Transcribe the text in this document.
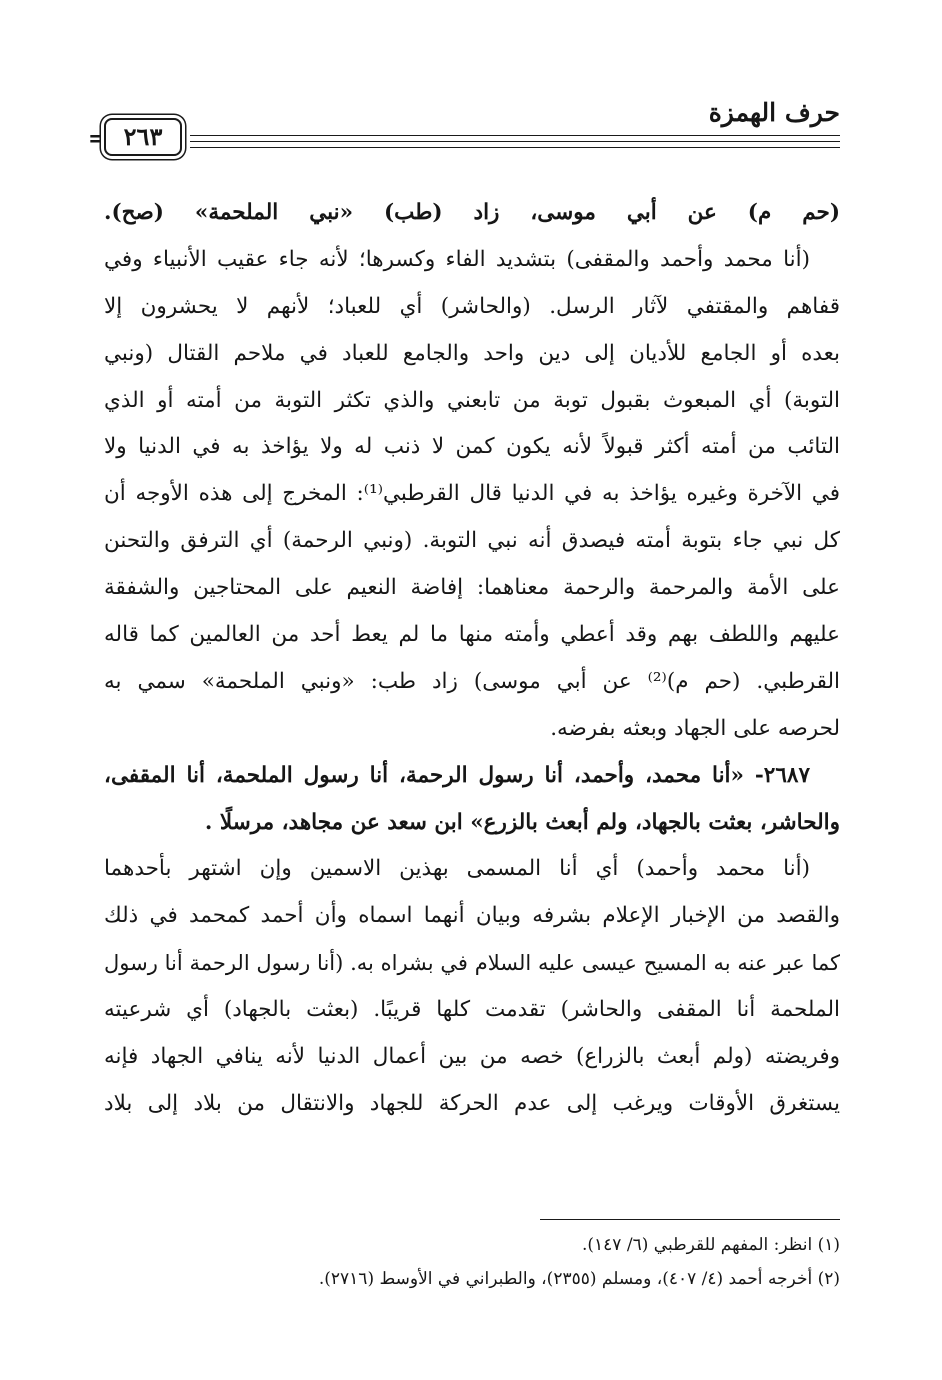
حرف الهمزة
= ٢٦٣
(حم م) عن أبي موسى، زاد (طب) «نبي الملحمة» (صح).
(أنا محمد وأحمد والمقفى) بتشديد الفاء وكسرها؛ لأنه جاء عقيب الأنبياء وفي
قفاهم والمقتفي لآثار الرسل. (والحاشر) أي للعباد؛ لأنهم لا يحشرون إلا
بعده أو الجامع للأديان إلى دين واحد والجامع للعباد في ملاحم القتال (ونبي
التوبة) أي المبعوث بقبول توبة من تابعني والذي تكثر التوبة من أمته أو الذي
التائب من أمته أكثر قبولاً لأنه يكون كمن لا ذنب له ولا يؤاخذ به في الدنيا ولا
في الآخرة وغيره يؤاخذ به في الدنيا قال القرطبي⁽¹⁾: المخرج إلى هذه الأوجه أن
كل نبي جاء بتوبة أمته فيصدق أنه نبي التوبة. (ونبي الرحمة) أي الترفق والتحنن
على الأمة والمرحمة والرحمة معناهما: إفاضة النعيم على المحتاجين والشفقة
عليهم واللطف بهم وقد أعطي وأمته منها ما لم يعط أحد من العالمين كما قاله
القرطبي. (حم م)⁽²⁾ عن أبي موسى) زاد طب: «ونبي الملحمة» سمي به
لحرصه على الجهاد وبعثه بفرضه.
٢٦٨٧- «أنا محمد، وأحمد، أنا رسول الرحمة، أنا رسول الملحمة، أنا المقفى،
والحاشر، بعثت بالجهاد، ولم أبعث بالزرع» ابن سعد عن مجاهد، مرسلًا .
(أنا محمد وأحمد) أي أنا المسمى بهذين الاسمين وإن اشتهر بأحدهما
والقصد من الإخبار الإعلام بشرفه وبيان أنهما اسماه وأن أحمد كمحمد في ذلك
كما عبر عنه به المسيح عيسى عليه السلام في بشراه به. (أنا رسول الرحمة أنا رسول
الملحمة أنا المقفى والحاشر) تقدمت كلها قريبًا. (بعثت بالجهاد) أي شرعيته
وفريضته (ولم أبعث بالزراع) خصه من بين أعمال الدنيا لأنه ينافي الجهاد فإنه
يستغرق الأوقات ويرغب إلى عدم الحركة للجهاد والانتقال من بلاد إلى بلاد
(١) انظر: المفهم للقرطبي (٦/ ١٤٧).
(٢) أخرجه أحمد (٤/ ٤٠٧)، ومسلم (٢٣٥٥)، والطبراني في الأوسط (٢٧١٦).
